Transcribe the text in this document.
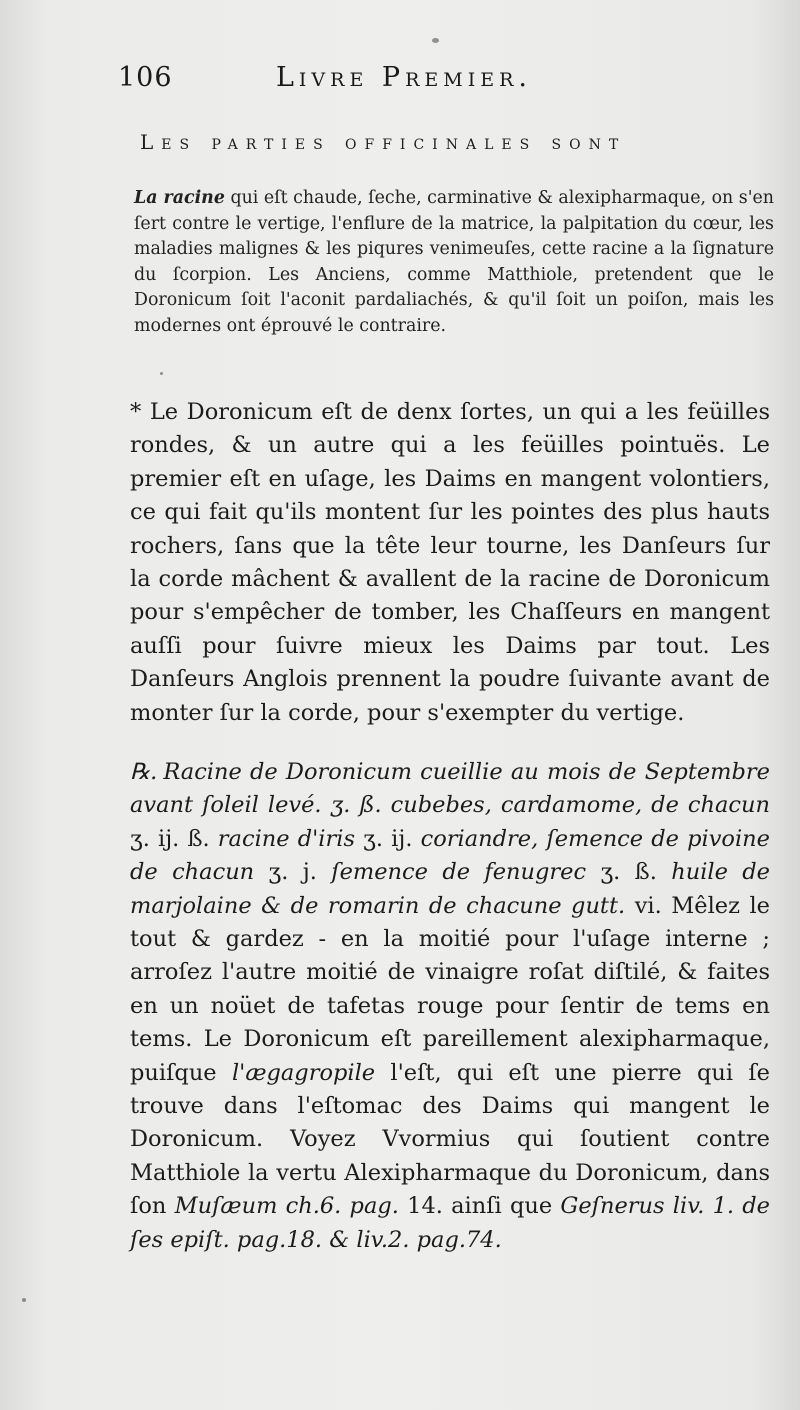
106	Livre Premier.
Les parties officinales sont
La racine qui eſt chaude, ſeche, carminative & alexipharmaque, on s'en ſert contre le vertige, l'enflure de la matrice, la palpitation du cœur, les maladies malignes & les piqures venimeuſes, cette racine a la ſignature du ſcorpion. Les Anciens, comme Matthiole, pretendent que le Doronicum ſoit l'aconit pardaliachés, & qu'il ſoit un poiſon, mais les modernes ont éprouvé le contraire.
* Le Doronicum eſt de denx ſortes, un qui a les feüilles rondes, & un autre qui a les feüilles pointuës. Le premier eſt en uſage, les Daims en mangent volontiers, ce qui fait qu'ils montent ſur les pointes des plus hauts rochers, ſans que la tête leur tourne, les Danſeurs ſur la corde mâchent & avallent de la racine de Doronicum pour s'empêcher de tomber, les Chaſſeurs en mangent auſſi pour ſuivre mieux les Daims par tout. Les Danſeurs Anglois prennent la poudre ſuivante avant de monter ſur la corde, pour s'exempter du vertige.
℞. Racine de Doronicum cueillie au mois de Septembre avant ſoleil levé. ʒ. ß. cubebes, cardamome, de chacun ʒ. ij. ß. racine d'iris ʒ. ij. coriandre, ſemence de pivoine de chacun ʒ. j. ſemence de fenugrec ʒ. ß. huile de marjolaine & de romarin de chacune gutt. vi. Mêlez le tout & gardez - en la moitié pour l'uſage interne ; arroſez l'autre moitié de vinaigre roſat diſtilé, & faites en un noüet de tafetas rouge pour ſentir de tems en tems. Le Doronicum eſt pareillement alexipharmaque, puiſque l'ægagropile l'eſt, qui eſt une pierre qui ſe trouve dans l'eſtomac des Daims qui mangent le Doronicum. Voyez Vvormius qui ſoutient contre Matthiole la vertu Alexipharmaque du Doronicum, dans ſon Muſæum ch.6. pag. 14. ainſi que Geſnerus liv. 1. de ſes epiſt. pag.18. & liv.2. pag.74.
